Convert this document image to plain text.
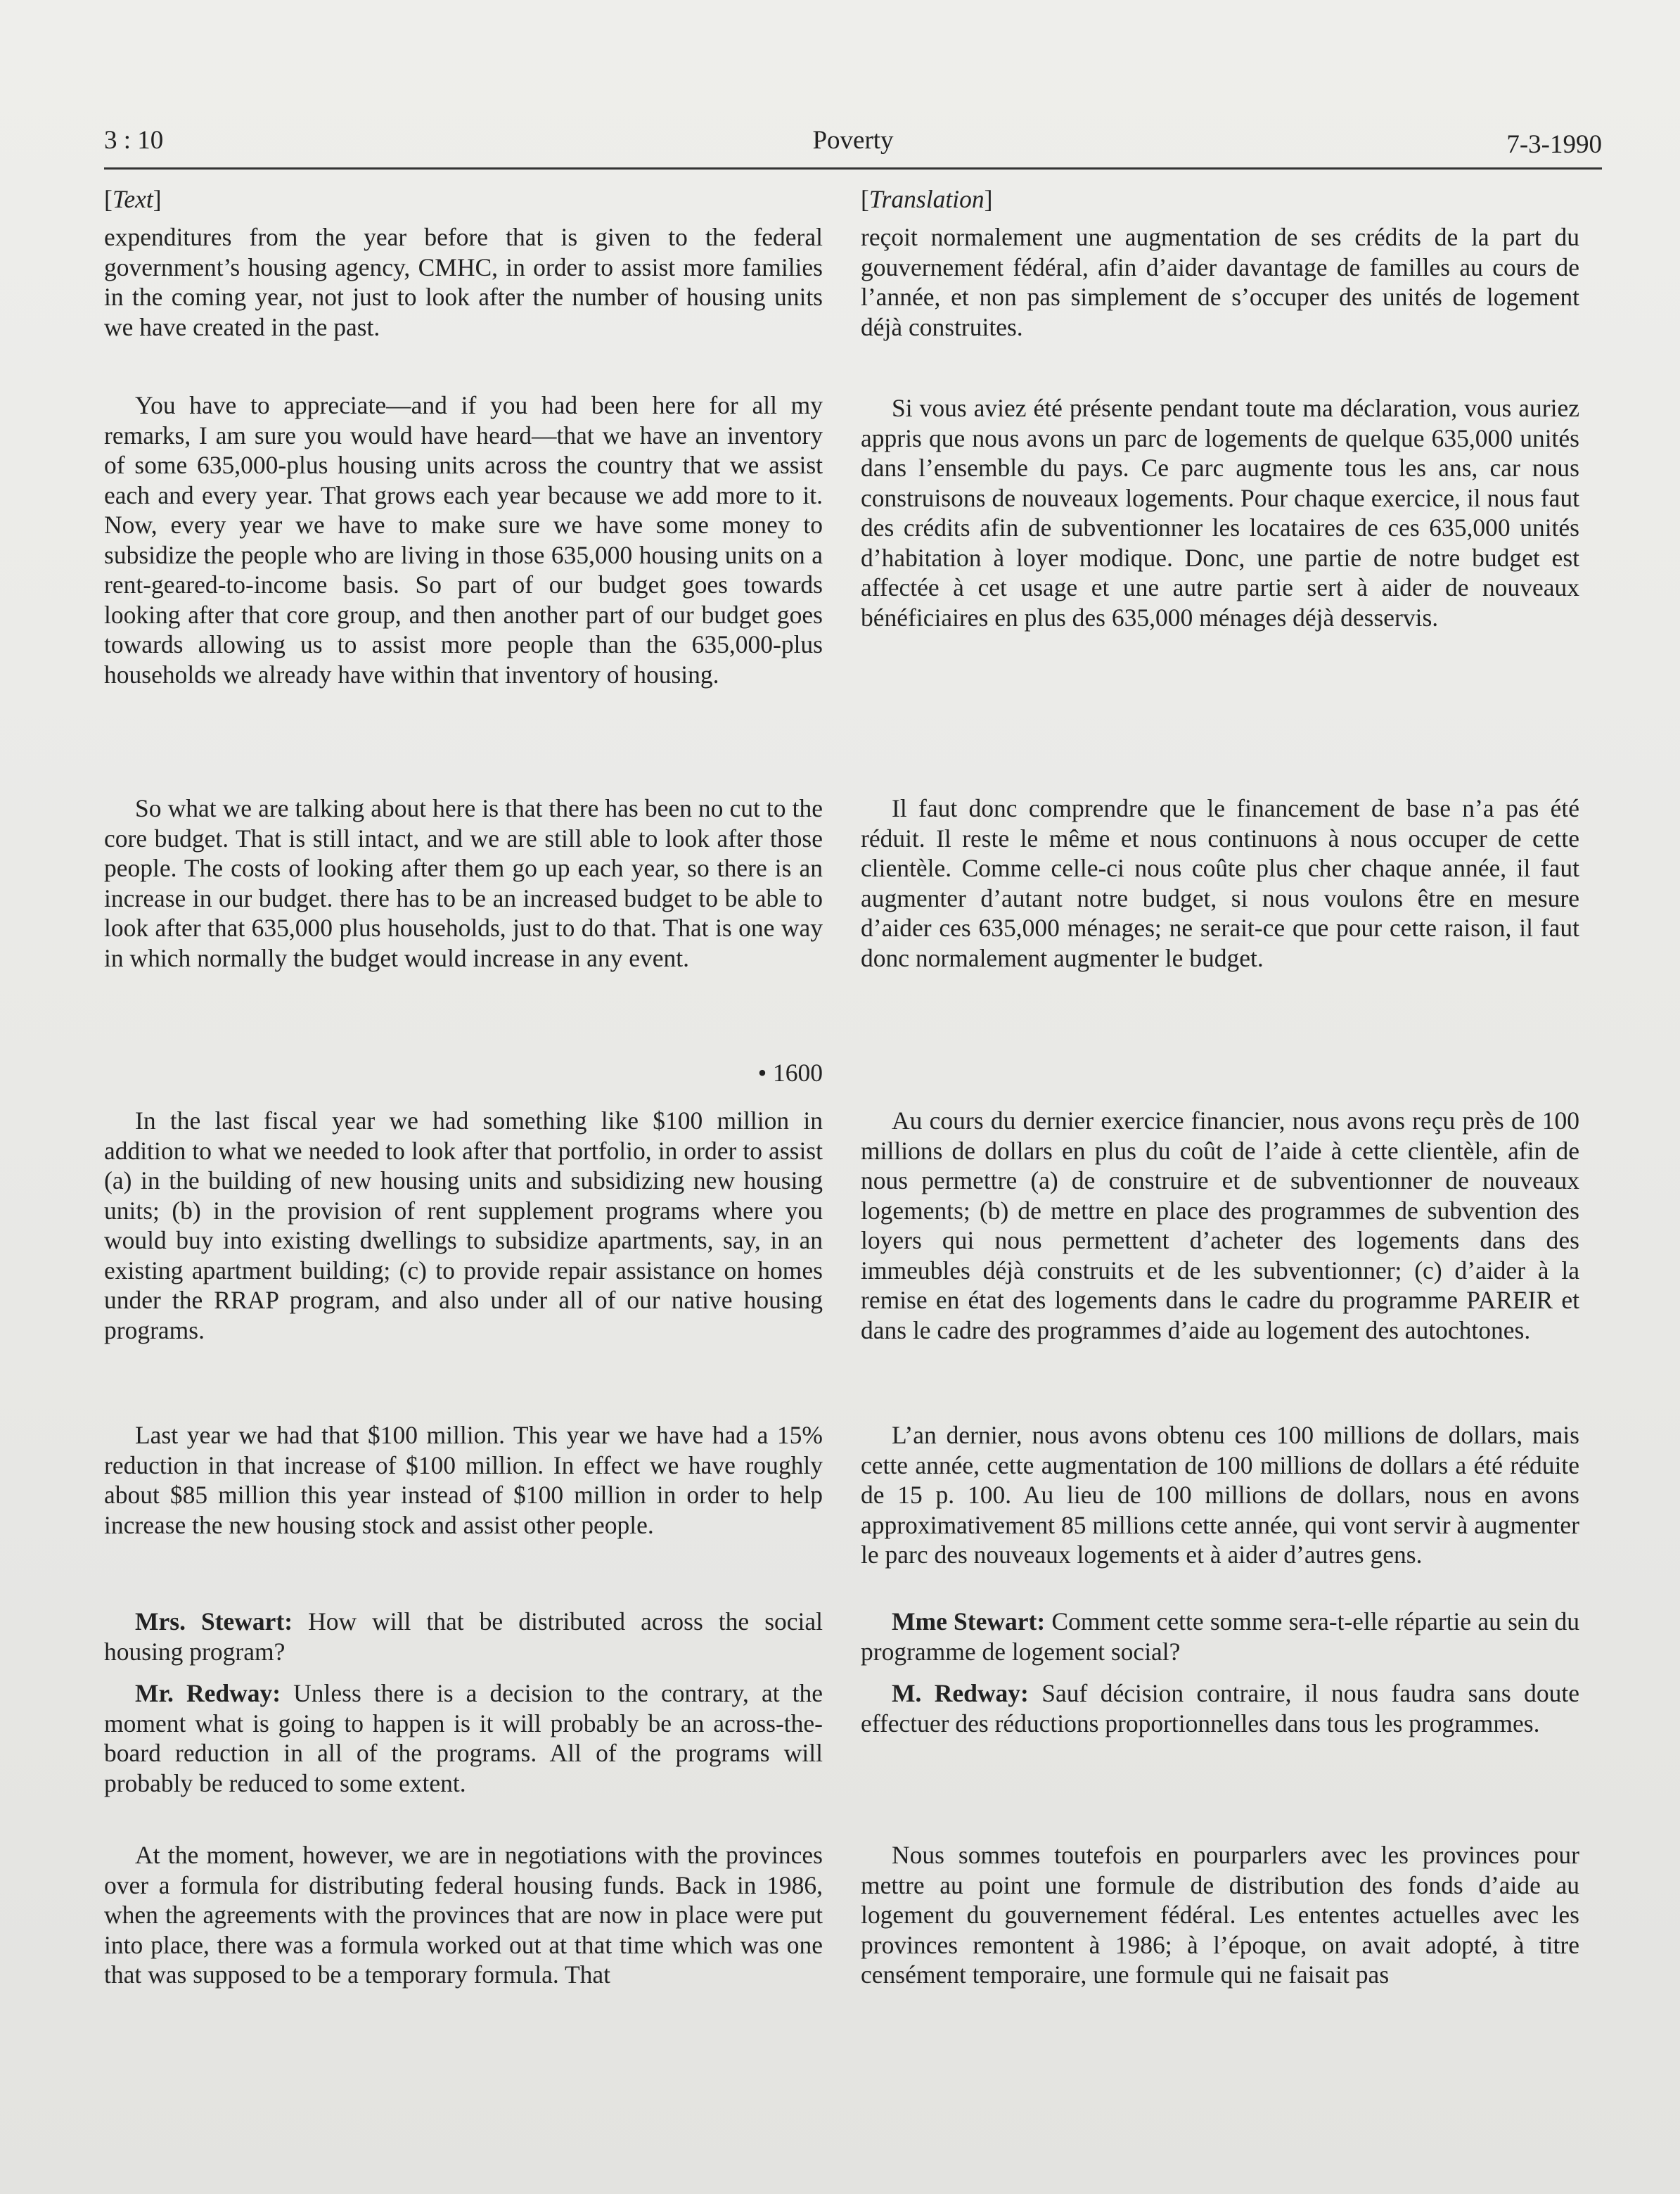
3 : 10	Poverty	7-3-1990
[Text]

expenditures from the year before that is given to the federal government’s housing agency, CMHC, in order to assist more families in the coming year, not just to look after the number of housing units we have created in the past.

You have to appreciate—and if you had been here for all my remarks, I am sure you would have heard—that we have an inventory of some 635,000-plus housing units across the country that we assist each and every year. That grows each year because we add more to it. Now, every year we have to make sure we have some money to subsidize the people who are living in those 635,000 housing units on a rent-geared-to-income basis. So part of our budget goes towards looking after that core group, and then another part of our budget goes towards allowing us to assist more people than the 635,000-plus households we already have within that inventory of housing.

So what we are talking about here is that there has been no cut to the core budget. That is still intact, and we are still able to look after those people. The costs of looking after them go up each year, so there is an increase in our budget. there has to be an increased budget to be able to look after that 635,000 plus households, just to do that. That is one way in which normally the budget would increase in any event.

• 1600

In the last fiscal year we had something like $100 million in addition to what we needed to look after that portfolio, in order to assist (a) in the building of new housing units and subsidizing new housing units; (b) in the provision of rent supplement programs where you would buy into existing dwellings to subsidize apartments, say, in an existing apartment building; (c) to provide repair assistance on homes under the RRAP program, and also under all of our native housing programs.

Last year we had that $100 million. This year we have had a 15% reduction in that increase of $100 million. In effect we have roughly about $85 million this year instead of $100 million in order to help increase the new housing stock and assist other people.

Mrs. Stewart: How will that be distributed across the social housing program?

Mr. Redway: Unless there is a decision to the contrary, at the moment what is going to happen is it will probably be an across-the-board reduction in all of the programs. All of the programs will probably be reduced to some extent.

At the moment, however, we are in negotiations with the provinces over a formula for distributing federal housing funds. Back in 1986, when the agreements with the provinces that are now in place were put into place, there was a formula worked out at that time which was one that was supposed to be a temporary formula. That

[Translation]

reçoit normalement une augmentation de ses crédits de la part du gouvernement fédéral, afin d’aider davantage de familles au cours de l’année, et non pas simplement de s’occuper des unités de logement déjà construites.

Si vous aviez été présente pendant toute ma déclaration, vous auriez appris que nous avons un parc de logements de quelque 635,000 unités dans l’ensemble du pays. Ce parc augmente tous les ans, car nous construisons de nouveaux logements. Pour chaque exercice, il nous faut des crédits afin de subventionner les locataires de ces 635,000 unités d’habitation à loyer modique. Donc, une partie de notre budget est affectée à cet usage et une autre partie sert à aider de nouveaux bénéficiaires en plus des 635,000 ménages déjà desservis.

Il faut donc comprendre que le financement de base n’a pas été réduit. Il reste le même et nous continuons à nous occuper de cette clientèle. Comme celle-ci nous coûte plus cher chaque année, il faut augmenter d’autant notre budget, si nous voulons être en mesure d’aider ces 635,000 ménages; ne serait-ce que pour cette raison, il faut donc normalement augmenter le budget.

Au cours du dernier exercice financier, nous avons reçu près de 100 millions de dollars en plus du coût de l’aide à cette clientèle, afin de nous permettre (a) de construire et de subventionner de nouveaux logements; (b) de mettre en place des programmes de subvention des loyers qui nous permettent d’acheter des logements dans des immeubles déjà construits et de les subventionner; (c) d’aider à la remise en état des logements dans le cadre du programme PAREIR et dans le cadre des programmes d’aide au logement des autochtones.

L’an dernier, nous avons obtenu ces 100 millions de dollars, mais cette année, cette augmentation de 100 millions de dollars a été réduite de 15 p. 100. Au lieu de 100 millions de dollars, nous en avons approximativement 85 millions cette année, qui vont servir à augmenter le parc des nouveaux logements et à aider d’autres gens.

Mme Stewart: Comment cette somme sera-t-elle répartie au sein du programme de logement social?

M. Redway: Sauf décision contraire, il nous faudra sans doute effectuer des réductions proportionnelles dans tous les programmes.

Nous sommes toutefois en pourparlers avec les provinces pour mettre au point une formule de distribution des fonds d’aide au logement du gouvernement fédéral. Les ententes actuelles avec les provinces remontent à 1986; à l’époque, on avait adopté, à titre censément temporaire, une formule qui ne faisait pas
